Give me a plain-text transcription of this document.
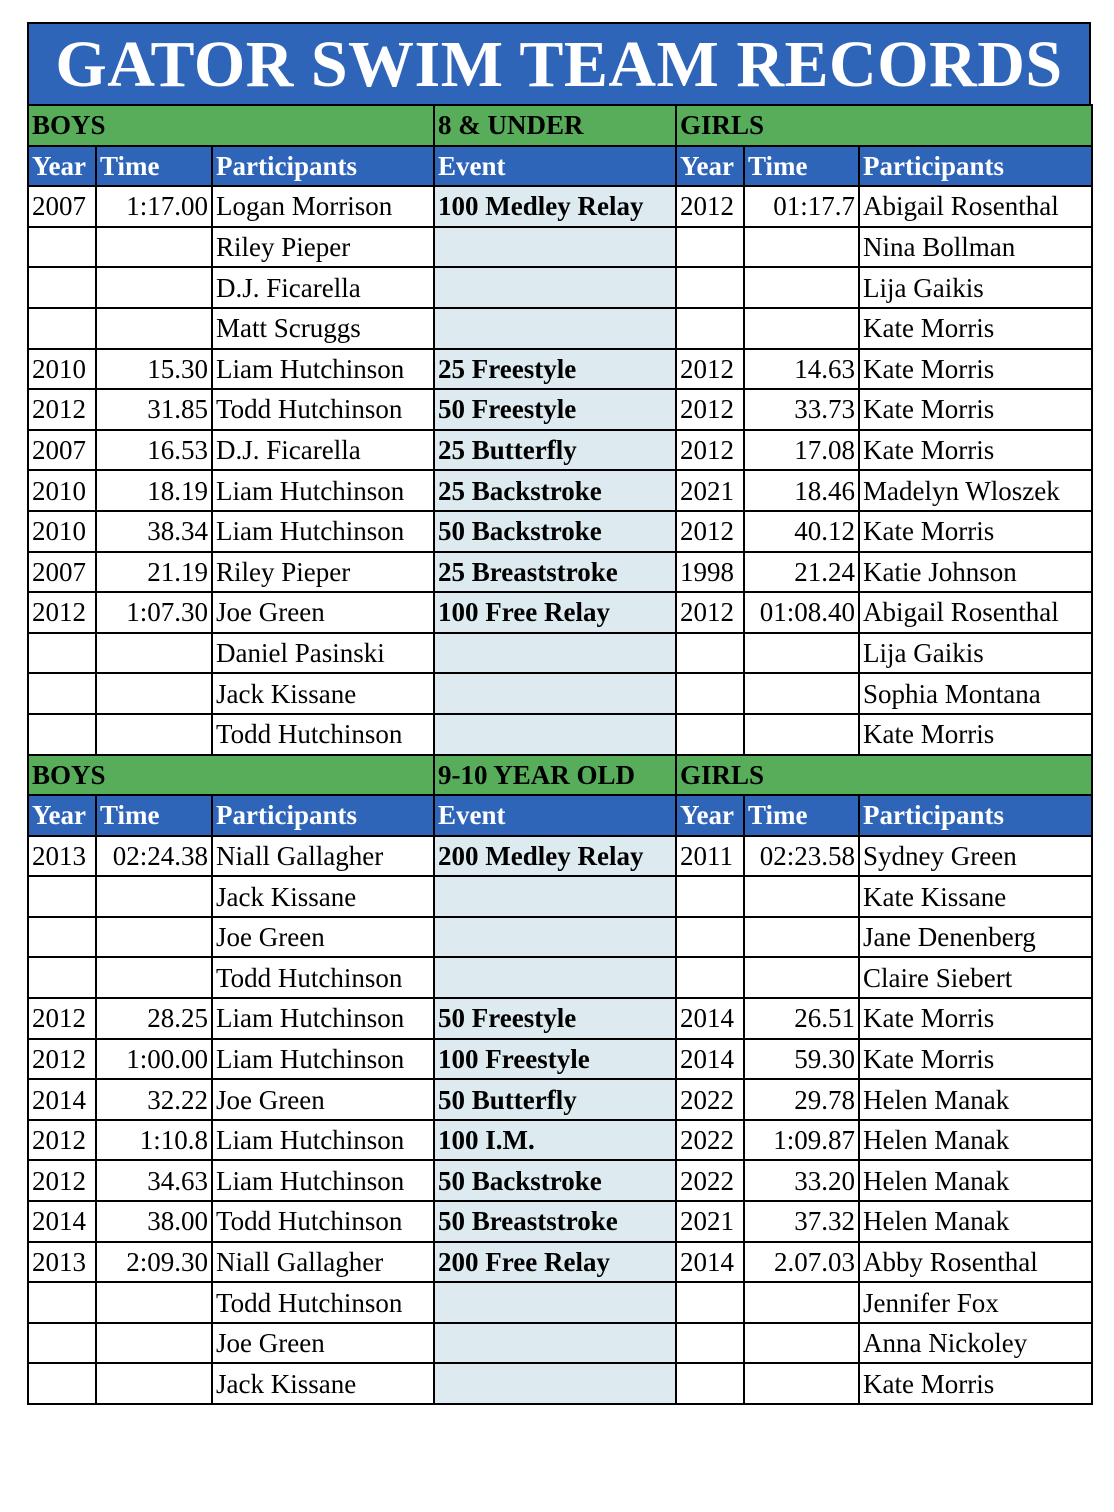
GATOR SWIM TEAM RECORDS
BOYS			8 & UNDER	GIRLS		
Year	Time	Participants	Event	Year	Time	Participants
2007	1:17.00	Logan Morrison	100 Medley Relay	2012	01:17.7	Abigail Rosenthal
		Riley Pieper				Nina Bollman
		D.J. Ficarella				Lija Gaikis
		Matt Scruggs				Kate Morris
2010	15.30	Liam Hutchinson	25 Freestyle	2012	14.63	Kate Morris
2012	31.85	Todd Hutchinson	50 Freestyle	2012	33.73	Kate Morris
2007	16.53	D.J. Ficarella	25 Butterfly	2012	17.08	Kate Morris
2010	18.19	Liam Hutchinson	25 Backstroke	2021	18.46	Madelyn Wloszek
2010	38.34	Liam Hutchinson	50 Backstroke	2012	40.12	Kate Morris
2007	21.19	Riley Pieper	25 Breaststroke	1998	21.24	Katie Johnson
2012	1:07.30	Joe Green	100 Free Relay	2012	01:08.40	Abigail Rosenthal
		Daniel Pasinski				Lija Gaikis
		Jack Kissane				Sophia Montana
		Todd Hutchinson				Kate Morris
BOYS			9-10 YEAR OLD	GIRLS		
Year	Time	Participants	Event	Year	Time	Participants
2013	02:24.38	Niall Gallagher	200 Medley Relay	2011	02:23.58	Sydney Green
		Jack Kissane				Kate Kissane
		Joe Green				Jane Denenberg
		Todd Hutchinson				Claire Siebert
2012	28.25	Liam Hutchinson	50 Freestyle	2014	26.51	Kate Morris
2012	1:00.00	Liam Hutchinson	100 Freestyle	2014	59.30	Kate Morris
2014	32.22	Joe Green	50 Butterfly	2022	29.78	Helen Manak
2012	1:10.8	Liam Hutchinson	100 I.M.	2022	1:09.87	Helen Manak
2012	34.63	Liam Hutchinson	50 Backstroke	2022	33.20	Helen Manak
2014	38.00	Todd Hutchinson	50 Breaststroke	2021	37.32	Helen Manak
2013	2:09.30	Niall Gallagher	200 Free Relay	2014	2.07.03	Abby Rosenthal
		Todd Hutchinson				Jennifer Fox
		Joe Green				Anna Nickoley
		Jack Kissane				Kate Morris
